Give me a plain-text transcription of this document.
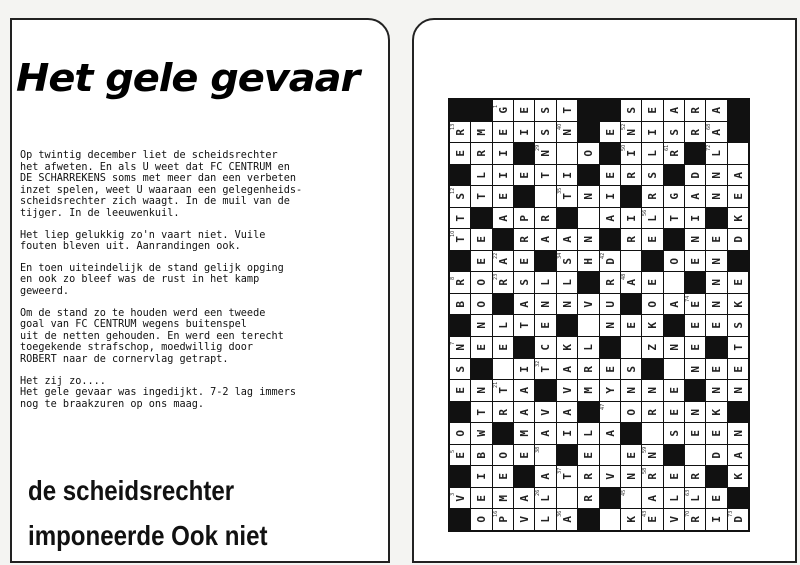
Het gele gevaar

Op twintig december liet de scheidsrechter
het afweten. En als U weet dat FC CENTRUM en
DE SCHARREKENS soms met meer dan een verbeten
inzet spelen, weet U waaraan een gelegenheids-
scheidsrechter zich waagt. In de muil van de
tijger. In de leeuwenkuil.

Het liep gelukkig zo'n vaart niet. Vuile
fouten bleven uit. Aanrandingen ook.

En toen uiteindelijk de stand gelijk opging
en ook zo bleef was de rust in het kamp
geweerd.

Om de stand zo te houden werd een tweede
goal van FC CENTRUM wegens buitenspel
uit de netten gehouden. En werd een terecht
toegekende strafschop, moedwillig door
ROBERT naar de cornervlag getrapt.

Het zij zo....
Het gele gevaar was ingedijkt. 7-2 lag immers
nog te braakzuren op ons maag.

de scheidsrechter
imponeerde Ook niet
G
1
E S T	S E A R A
R
13
M E I S N
40
E N
52
I S R A
68
E R I	N
29
O	I
50
L R
61
L
72
L I E T I	E R S	D N A
S
12
T E	T
35
N I	R G A N E
T	A P R	A I L
56
T I	K
T
10
E	R A A N	R E	N E D
E A
22
E	S
34
H D
42
O E N
R
8
O R
23
S L L	R A
48
E	N E
B O	A N N V U	O A E
74
N K
N L T E	N E K	E E S
N
7
E E	C K L	Z N E	T
S	I T
32
A R E S	N E E
E N T
21
A	V M Y N N E	N N
T R A V A
47
O R E N K
O W	M A I L A	S E E N
E
5
B O E
38
E	E N
59
D A
I E	A T
37
R V N R
58
E R	K
V
3
E M A L
26
R
45
A L L
63
E
O P
16
V L A
36
K E
43
V R
70
I D
73
